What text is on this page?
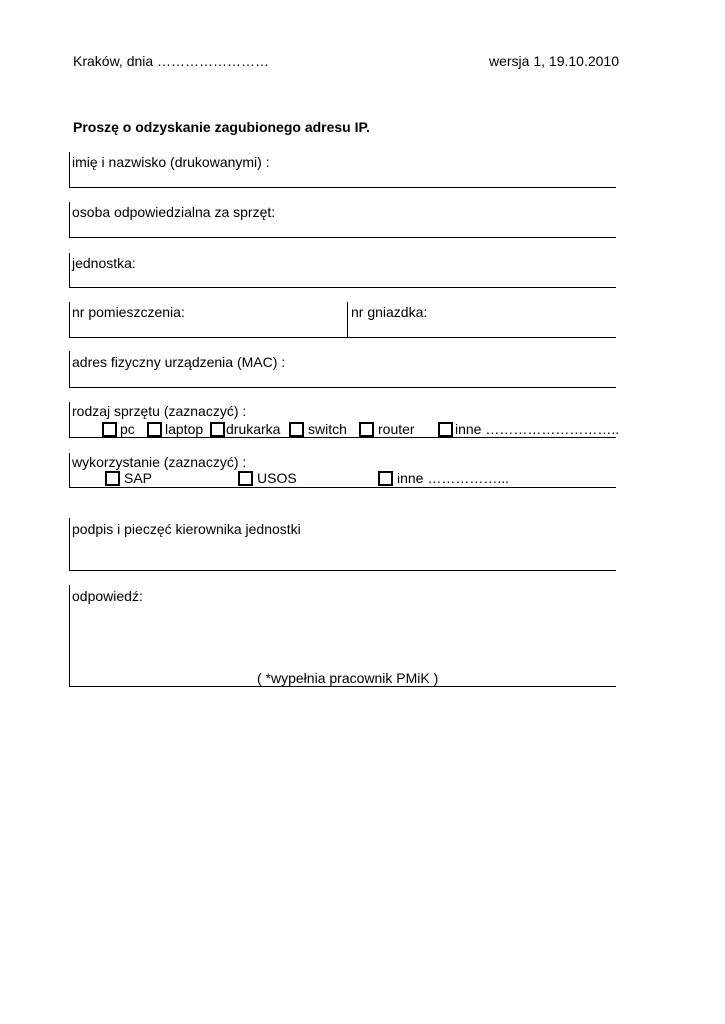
Kraków, dnia ……………………	wersja 1, 19.10.2010
Proszę o odzyskanie zagubionego adresu IP.
imię i nazwisko (drukowanymi) :
osoba odpowiedzialna za sprzęt:
jednostka:
nr pomieszczenia:	nr gniazdka:
adres fizyczny urządzenia (MAC) :
rodzaj sprzętu (zaznaczyć) :
pc laptop drukarka switch router	inne ………………………..
wykorzystanie (zaznaczyć) :
SAP	USOS	inne ……………...
podpis i pieczęć kierownika jednostki
odpowiedź:
( *wypełnia pracownik PMiK )
